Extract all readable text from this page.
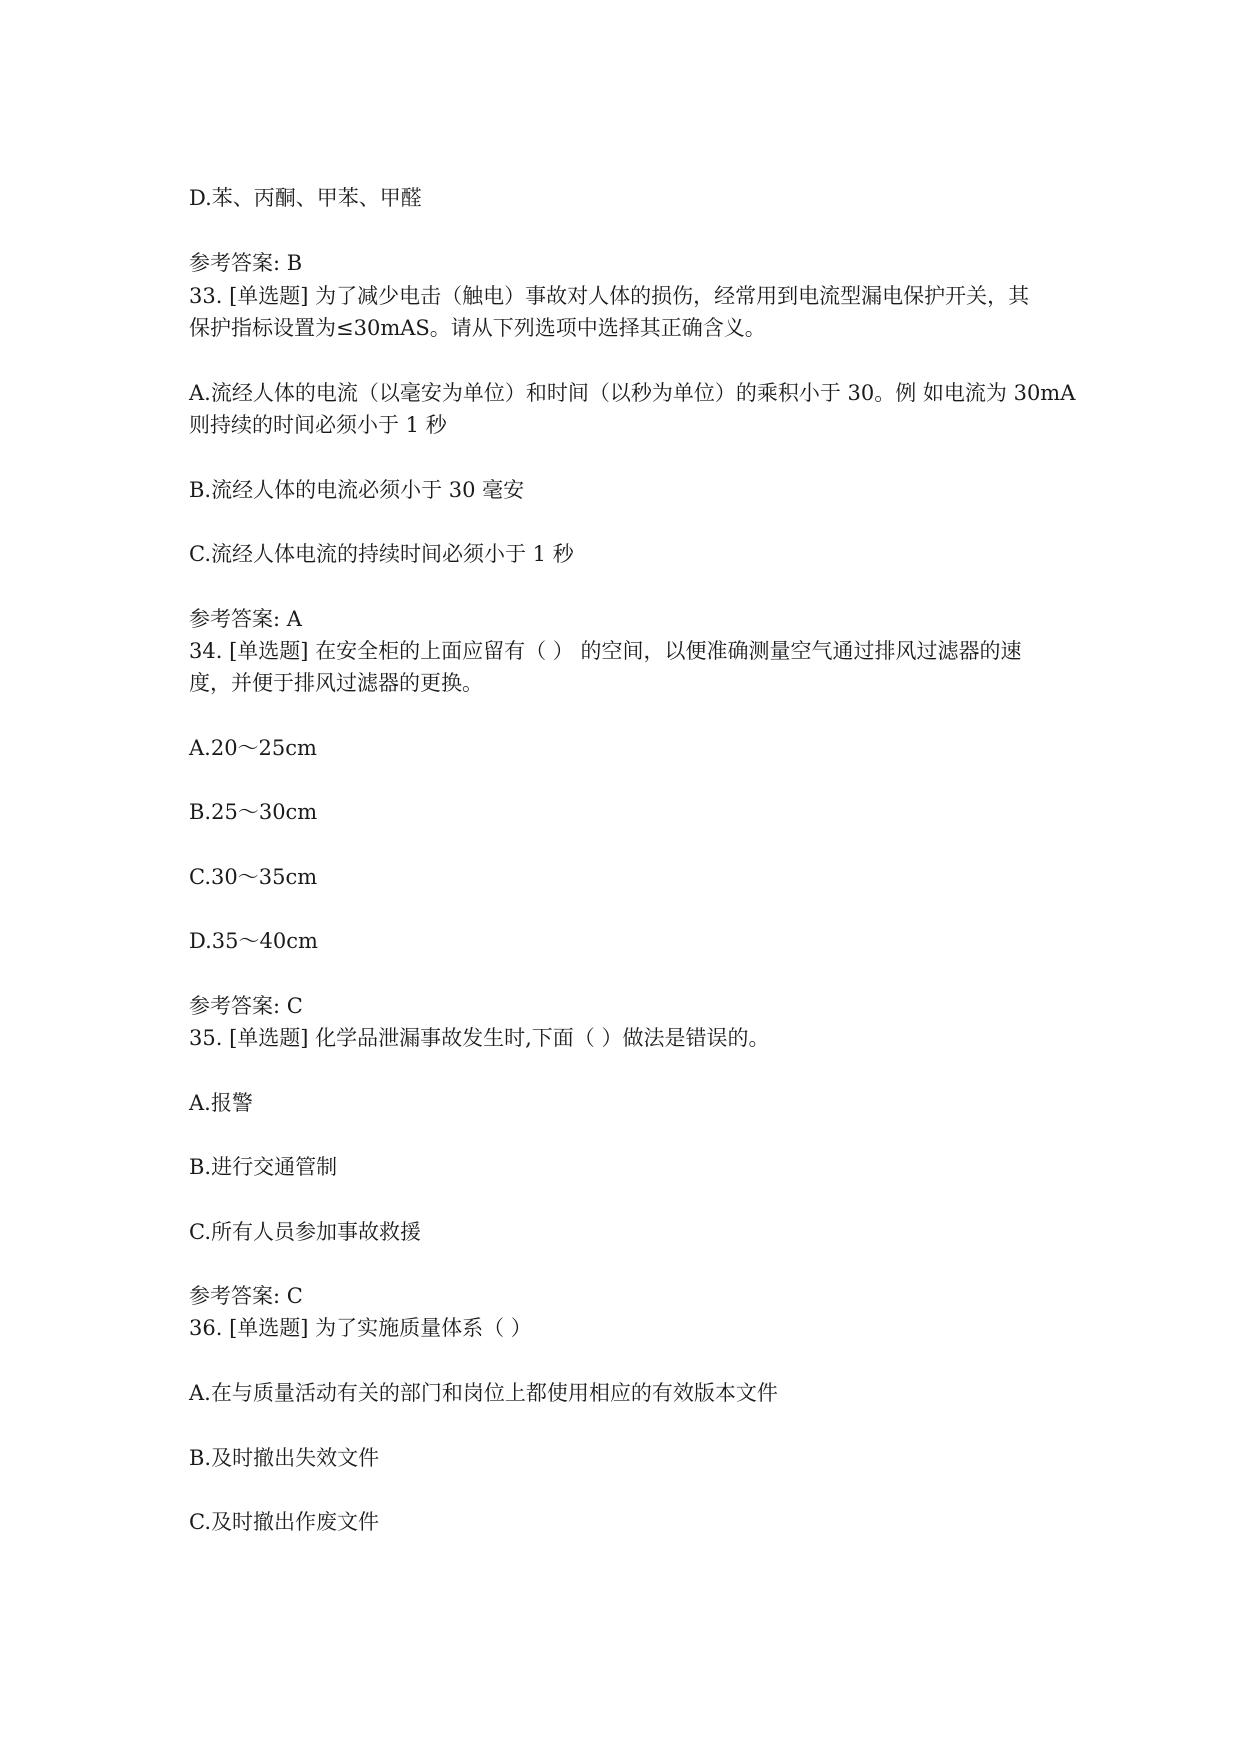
D.苯、丙酮、甲苯、甲醛
参考答案: B
33. [单选题] 为了减少电击（触电）事故对人体的损伤，经常用到电流型漏电保护开关，其
保护指标设置为≤30mAS。请从下列选项中选择其正确含义。
A.流经人体的电流（以毫安为单位）和时间（以秒为单位）的乘积小于 30。例 如电流为 30mA
则持续的时间必须小于 1 秒
B.流经人体的电流必须小于 30 毫安
C.流经人体电流的持续时间必须小于 1 秒
参考答案: A
34. [单选题] 在安全柜的上面应留有（ ） 的空间，以便准确测量空气通过排风过滤器的速
度，并便于排风过滤器的更换。
A.20～25cm
B.25～30cm
C.30～35cm
D.35～40cm
参考答案: C
35. [单选题] 化学品泄漏事故发生时,下面（ ）做法是错误的。
A.报警
B.进行交通管制
C.所有人员参加事故救援
参考答案: C
36. [单选题] 为了实施质量体系（ ）
A.在与质量活动有关的部门和岗位上都使用相应的有效版本文件
B.及时撤出失效文件
C.及时撤出作废文件
